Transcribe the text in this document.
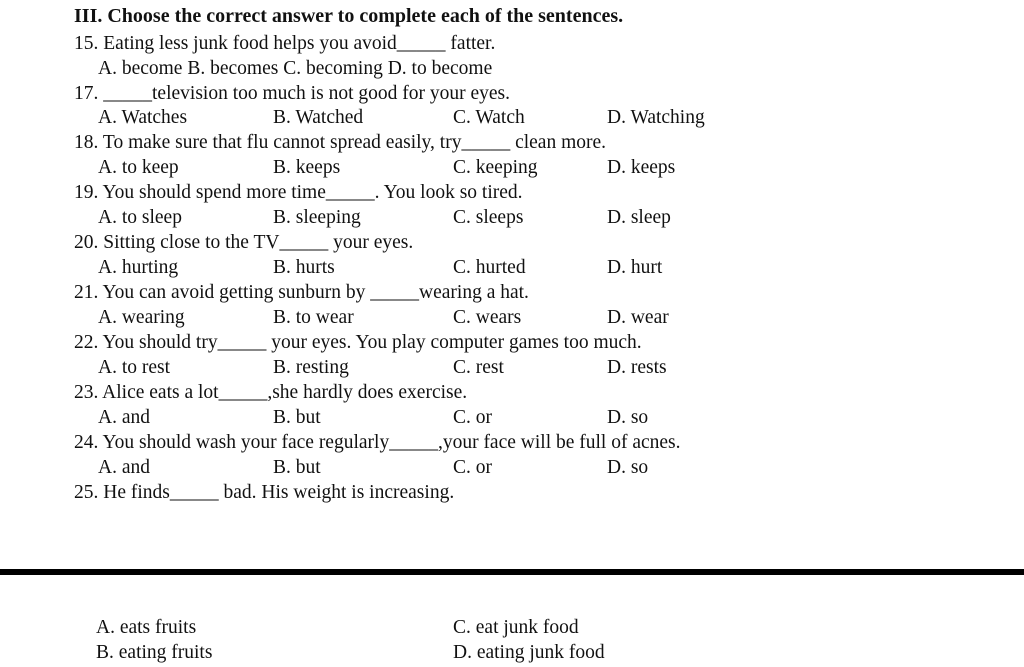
III. Choose the correct answer to complete each of the sentences.
15. Eating less junk food helps you avoid_____ fatter.
A. become B. becomes C. becoming D. to become
17. _____television too much is not good for your eyes.
A. Watches	B. Watched	C. Watch	D. Watching
18. To make sure that flu cannot spread easily, try_____ clean more.
A. to keep	B. keeps	C. keeping	D. keeps
19. You should spend more time_____. You look so tired.
A. to sleep	B. sleeping	C. sleeps	D. sleep
20. Sitting close to the TV_____ your eyes.
A. hurting	B. hurts	C. hurted	D. hurt
21. You can avoid getting sunburn by _____wearing a hat.
A. wearing	B. to wear	C. wears	D. wear
22. You should try_____ your eyes. You play computer games too much.
A. to rest	B. resting	C. rest	D. rests
23. Alice eats a lot_____,she hardly does exercise.
A. and	B. but	C. or	D. so
24. You should wash your face regularly_____,your face will be full of acnes.
A. and	B. but	C. or	D. so
25. He finds_____ bad. His weight is increasing.
A. eats fruits
B. eating fruits
C. eat junk food
D. eating junk food
